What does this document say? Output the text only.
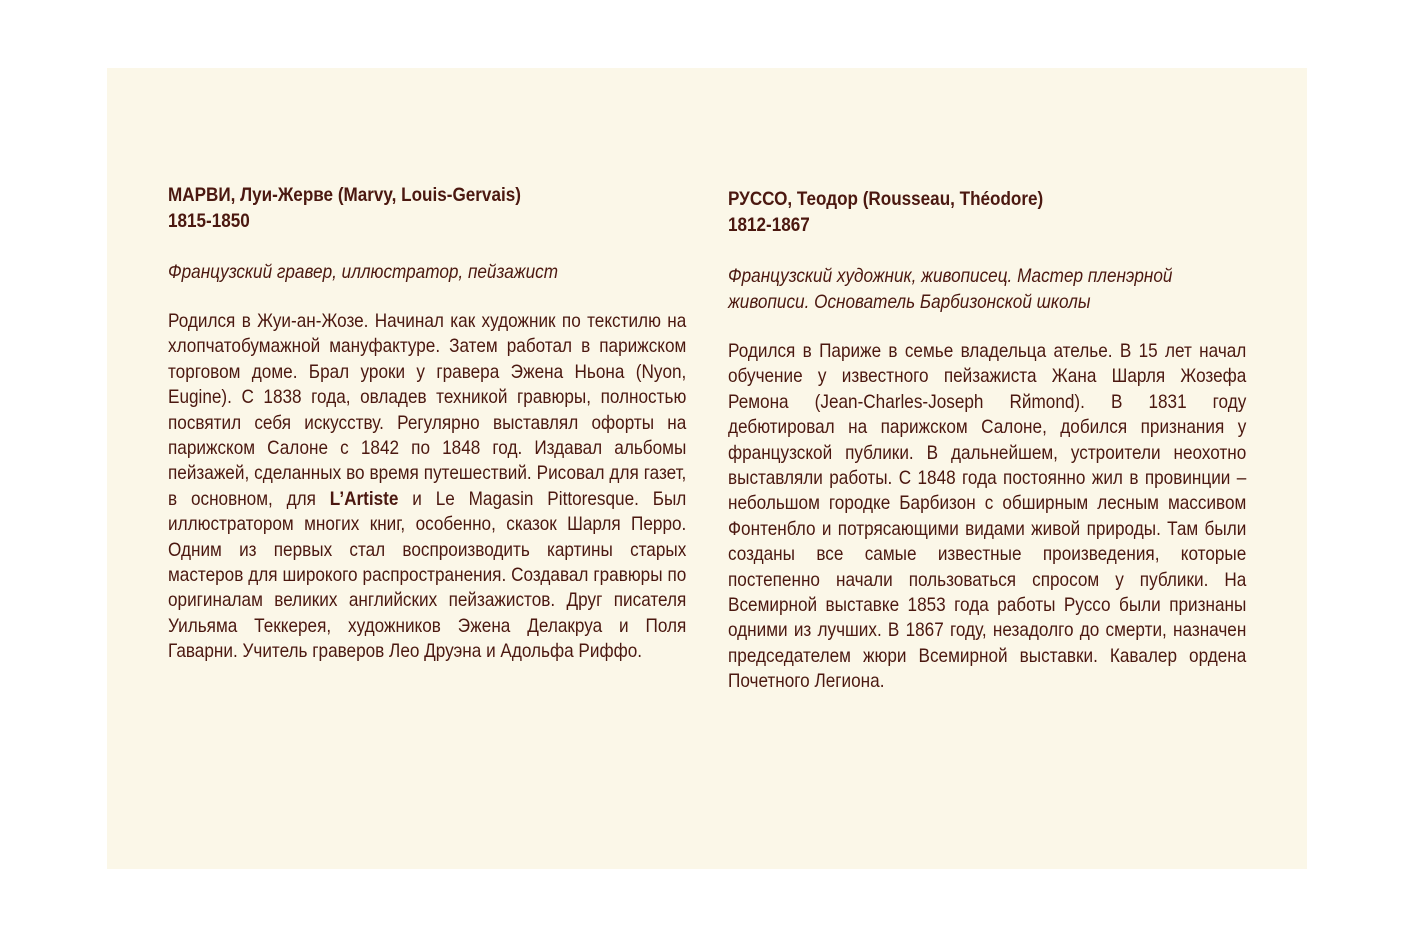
МАРВИ, Луи-Жерве (Marvy, Louis-Gervais)
1815-1850
Французский гравер, иллюстратор, пейзажист
Родился в Жуи-ан-Жозе. Начинал как художник по текстилю на хлопчатобумажной мануфактуре. Затем работал в парижском торговом доме. Брал уроки у гравера Эжена Ньона (Nyon, Eugine). С 1838 года, овладев техникой гравюры, полностью посвятил себя искусству. Регулярно выставлял офорты на парижском Салоне с 1842 по 1848 год. Издавал альбомы пейзажей, сделанных во время путешествий. Рисовал для газет, в основном, для L’Artiste и Le Magasin Pittoresque. Был иллюстратором многих книг, особенно, сказок Шарля Перро. Одним из первых стал воспроизводить картины старых мастеров для широкого распространения. Создавал гравюры по оригиналам великих английских пейзажистов. Друг писателя Уильяма Теккерея, художников Эжена Делакруа и Поля Гаварни. Учитель граверов Лео Друэна и Адольфа Риффо.
РУССО, Теодор (Rousseau, Théodore)
1812-1867
Французский художник, живописец. Мастер пленэрной живописи. Основатель Барбизонской школы
Родился в Париже в семье владельца ателье. В 15 лет начал обучение у известного пейзажиста Жана Шарля Жозефа Ремона (Jean-Charles-Joseph Rйmond). В 1831 году дебютировал на парижском Салоне, добился признания у французской публики. В дальнейшем, устроители неохотно выставляли работы. С 1848 года постоянно жил в провинции – небольшом городке Барбизон с обширным лесным массивом Фонтенбло и потрясающими видами живой природы. Там были созданы все самые известные произведения, которые постепенно начали пользоваться спросом у публики. На Всемирной выставке 1853 года работы Руссо были признаны одними из лучших. В 1867 году, незадолго до смерти, назначен председателем жюри Всемирной выставки. Кавалер ордена Почетного Легиона.
